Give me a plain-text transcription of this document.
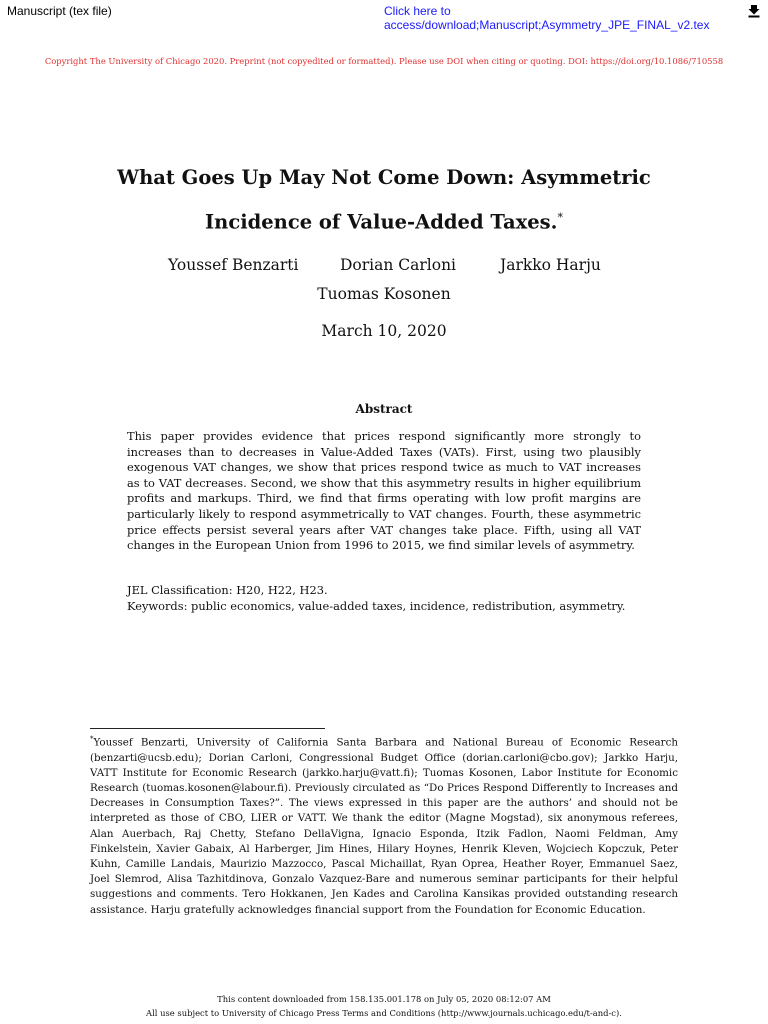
Manuscript (tex file)	Click here to
access/download;Manuscript;Asymmetry_JPE_FINAL_v2.tex
Copyright The University of Chicago 2020. Preprint (not copyedited or formatted). Please use DOI when citing or quoting. DOI: https://doi.org/10.1086/710558
What Goes Up May Not Come Down: Asymmetric
Incidence of Value-Added Taxes.*
Youssef Benzarti	Dorian Carloni	Jarkko Harju
Tuomas Kosonen
March 10, 2020
Abstract
This paper provides evidence that prices respond significantly more strongly to increases than to decreases in Value-Added Taxes (VATs). First, using two plausibly exogenous VAT changes, we show that prices respond twice as much to VAT increases as to VAT decreases. Second, we show that this asymmetry results in higher equilibrium profits and markups. Third, we find that firms operating with low profit margins are particularly likely to respond asymmetrically to VAT changes. Fourth, these asymmetric price effects persist several years after VAT changes take place. Fifth, using all VAT changes in the European Union from 1996 to 2015, we find similar levels of asymmetry.
JEL Classification: H20, H22, H23.
Keywords: public economics, value-added taxes, incidence, redistribution, asymmetry.
*Youssef Benzarti, University of California Santa Barbara and National Bureau of Economic Research (benzarti@ucsb.edu); Dorian Carloni, Congressional Budget Office (dorian.carloni@cbo.gov); Jarkko Harju, VATT Institute for Economic Research (jarkko.harju@vatt.fi); Tuomas Kosonen, Labor Institute for Economic Research (tuomas.kosonen@labour.fi). Previously circulated as “Do Prices Respond Differently to Increases and Decreases in Consumption Taxes?”. The views expressed in this paper are the authors’ and should not be interpreted as those of CBO, LIER or VATT. We thank the editor (Magne Mogstad), six anonymous referees, Alan Auerbach, Raj Chetty, Stefano DellaVigna, Ignacio Esponda, Itzik Fadlon, Naomi Feldman, Amy Finkelstein, Xavier Gabaix, Al Harberger, Jim Hines, Hilary Hoynes, Henrik Kleven, Wojciech Kopczuk, Peter Kuhn, Camille Landais, Maurizio Mazzocco, Pascal Michaillat, Ryan Oprea, Heather Royer, Emmanuel Saez, Joel Slemrod, Alisa Tazhitdinova, Gonzalo Vazquez-Bare and numerous seminar participants for their helpful suggestions and comments. Tero Hokkanen, Jen Kades and Carolina Kansikas provided outstanding research assistance. Harju gratefully acknowledges financial support from the Foundation for Economic Education.
This content downloaded from 158.135.001.178 on July 05, 2020 08:12:07 AM
All use subject to University of Chicago Press Terms and Conditions (http://www.journals.uchicago.edu/t-and-c).
